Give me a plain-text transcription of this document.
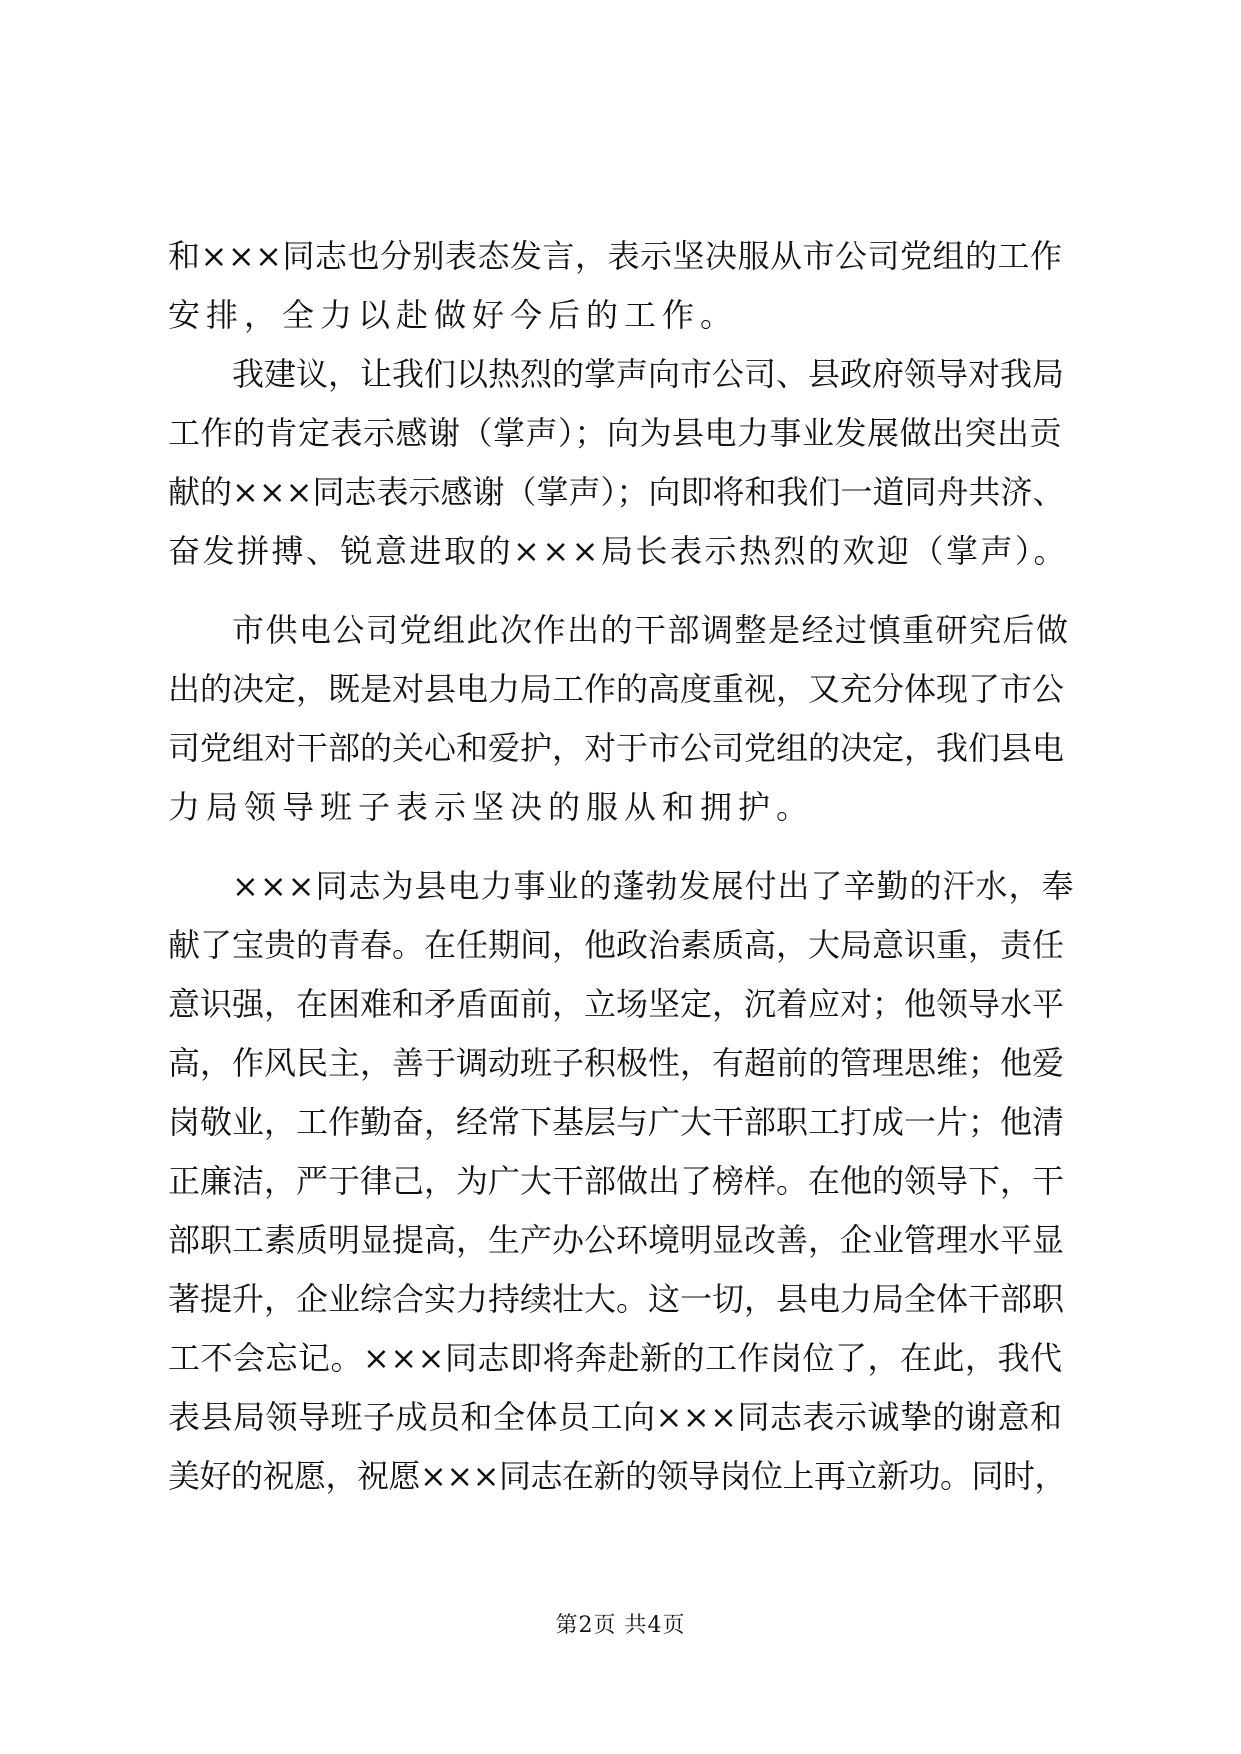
和×××同志也分别表态发言，表示坚决服从市公司党组的工作
安排，全力以赴做好今后的工作。
我建议，让我们以热烈的掌声向市公司、县政府领导对我局
工作的肯定表示感谢（掌声）；向为县电力事业发展做出突出贡
献的×××同志表示感谢（掌声）；向即将和我们一道同舟共济、
奋发拼搏、锐意进取的×××局长表示热烈的欢迎（掌声）。
市供电公司党组此次作出的干部调整是经过慎重研究后做
出的决定，既是对县电力局工作的高度重视，又充分体现了市公
司党组对干部的关心和爱护，对于市公司党组的决定，我们县电
力局领导班子表示坚决的服从和拥护。
×××同志为县电力事业的蓬勃发展付出了辛勤的汗水，奉
献了宝贵的青春。在任期间，他政治素质高，大局意识重，责任
意识强，在困难和矛盾面前，立场坚定，沉着应对；他领导水平
高，作风民主，善于调动班子积极性，有超前的管理思维；他爱
岗敬业，工作勤奋，经常下基层与广大干部职工打成一片；他清
正廉洁，严于律己，为广大干部做出了榜样。在他的领导下，干
部职工素质明显提高，生产办公环境明显改善，企业管理水平显
著提升，企业综合实力持续壮大。这一切，县电力局全体干部职
工不会忘记。×××同志即将奔赴新的工作岗位了，在此，我代
表县局领导班子成员和全体员工向×××同志表示诚挚的谢意和
美好的祝愿，祝愿×××同志在新的领导岗位上再立新功。同时，
第2页 共4页
